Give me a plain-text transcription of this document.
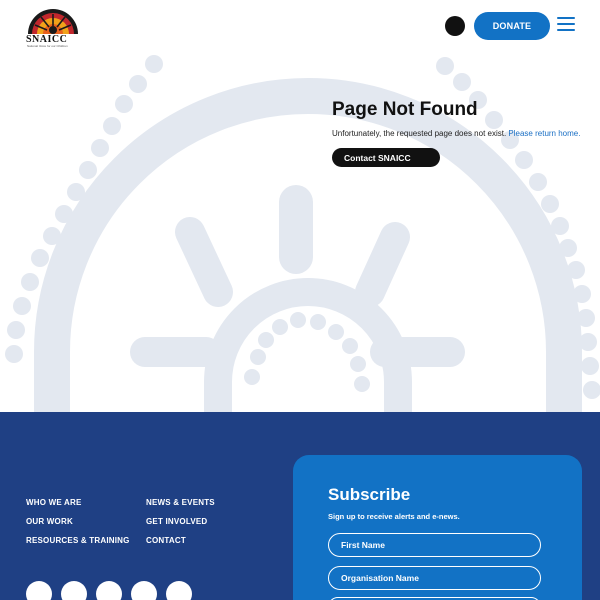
SNAICC
National Voice for our Children
DONATE
Page Not Found
Unfortunately, the requested page does not exist. Please return home.
Contact SNAICC
WHO WE ARE
OUR WORK
RESOURCES & TRAINING
NEWS & EVENTS
GET INVOLVED
CONTACT
Subscribe
Sign up to receive alerts and e-news.
First Name
Organisation Name
